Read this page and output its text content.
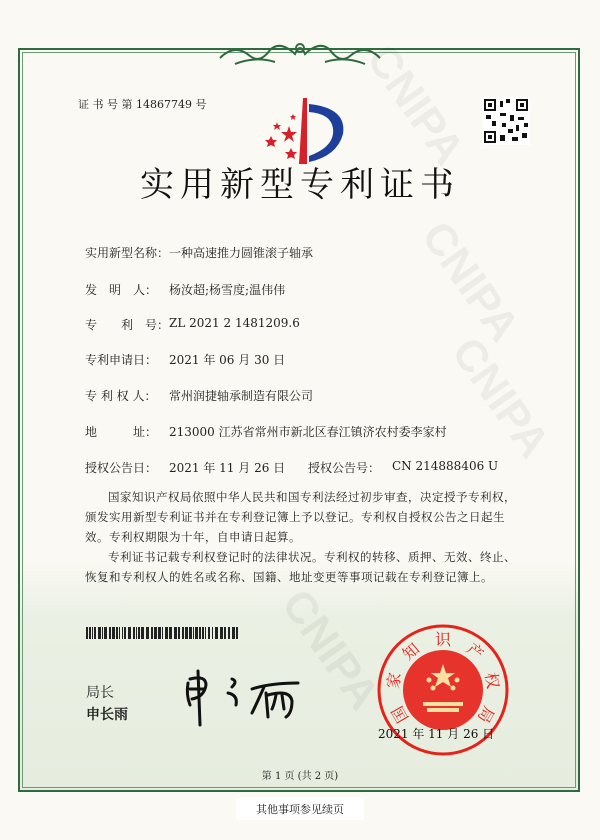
CNIPA
CNIPA
CNIPA
CNIPA
证 书 号 第 14867749 号
实用新型专利证书
实用新型名称： 一种高速推力圆锥滚子轴承
发　明　人： 杨汝超;杨雪度;温伟伟
专　　利　号： ZL 2021 2 1481209.6
专利申请日： 2021 年 06 月 30 日
专 利 权 人：	常州润捷轴承制造有限公司
地　　　址： 213000 江苏省常州市新北区春江镇济农村委李家村
授权公告日： 2021 年 11 月 26 日 授权公告号： CN 214888406 U
国家知识产权局依照中华人民共和国专利法经过初步审查，决定授予专利权，颁发实用新型专利证书并在专利登记簿上予以登记。专利权自授权公告之日起生效。专利权期限为十年，自申请日起算。
专利证书记载专利权登记时的法律状况。专利权的转移、质押、无效、终止、恢复和专利权人的姓名或名称、国籍、地址变更等事项记载在专利登记簿上。
局长
申长雨	国
家
知 识 产
权
局
2021 年 11 月 26 日
第 1 页 (共 2 页)
其他事项参见续页
